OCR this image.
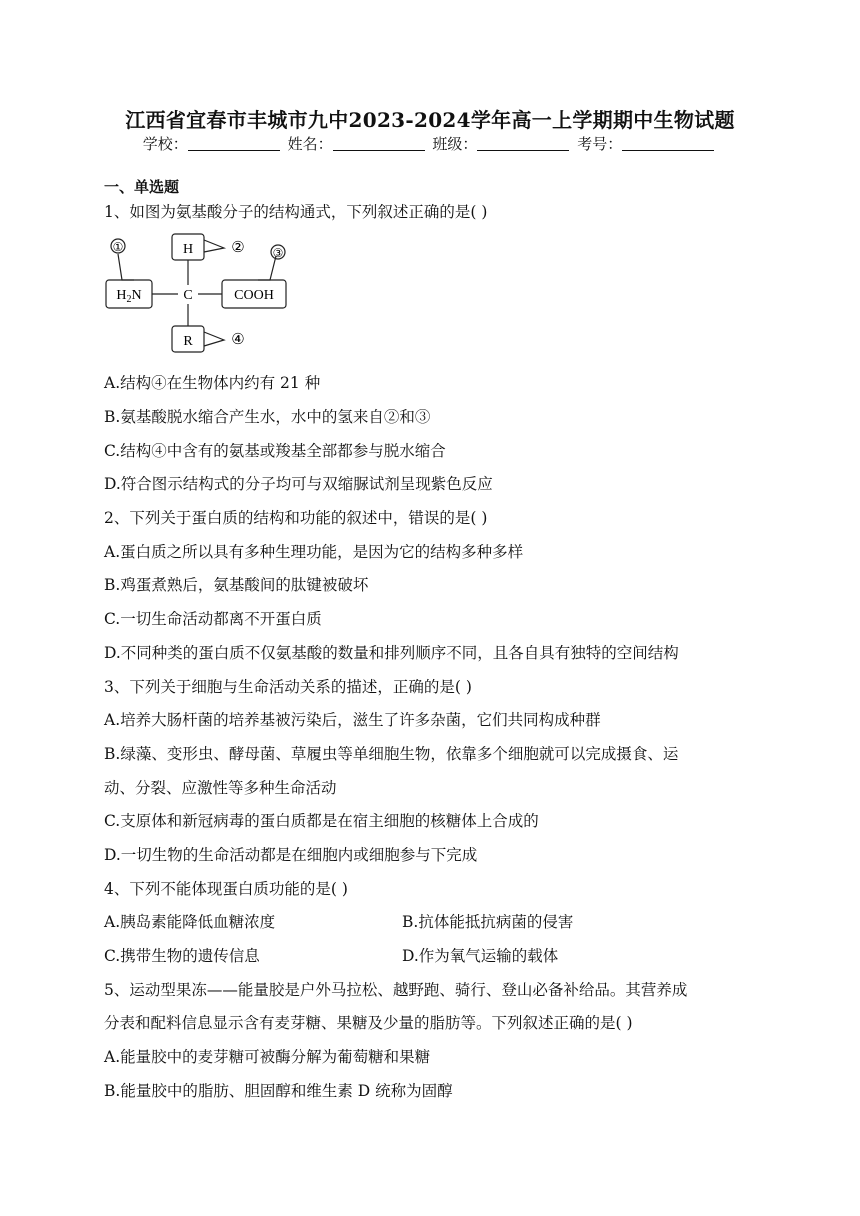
江西省宜春市丰城市九中2023-2024学年高一上学期期中生物试题
学校：	姓名：	班级：	考号：
一、单选题
1、如图为氨基酸分子的结构通式，下列叙述正确的是( )
H
C
$H_2N$	COOH
R
①	② ③
④
A.结构④在生物体内约有 21 种
B.氨基酸脱水缩合产生水，水中的氢来自②和③
C.结构④中含有的氨基或羧基全部都参与脱水缩合
D.符合图示结构式的分子均可与双缩脲试剂呈现紫色反应
2、下列关于蛋白质的结构和功能的叙述中，错误的是( )
A.蛋白质之所以具有多种生理功能，是因为它的结构多种多样
B.鸡蛋煮熟后，氨基酸间的肽键被破坏
C.一切生命活动都离不开蛋白质
D.不同种类的蛋白质不仅氨基酸的数量和排列顺序不同，且各自具有独特的空间结构
3、下列关于细胞与生命活动关系的描述，正确的是( )
A.培养大肠杆菌的培养基被污染后，滋生了许多杂菌，它们共同构成种群
B.绿藻、变形虫、酵母菌、草履虫等单细胞生物，依靠多个细胞就可以完成摄食、运
动、分裂、应激性等多种生命活动
C.支原体和新冠病毒的蛋白质都是在宿主细胞的核糖体上合成的
D.一切生物的生命活动都是在细胞内或细胞参与下完成
4、下列不能体现蛋白质功能的是( )
A.胰岛素能降低血糖浓度	B.抗体能抵抗病菌的侵害
C.携带生物的遗传信息	D.作为氧气运输的载体
5、运动型果冻——能量胶是户外马拉松、越野跑、骑行、登山必备补给品。其营养成
分表和配料信息显示含有麦芽糖、果糖及少量的脂肪等。下列叙述正确的是( )
A.能量胶中的麦芽糖可被酶分解为葡萄糖和果糖
B.能量胶中的脂肪、胆固醇和维生素 D 统称为固醇
